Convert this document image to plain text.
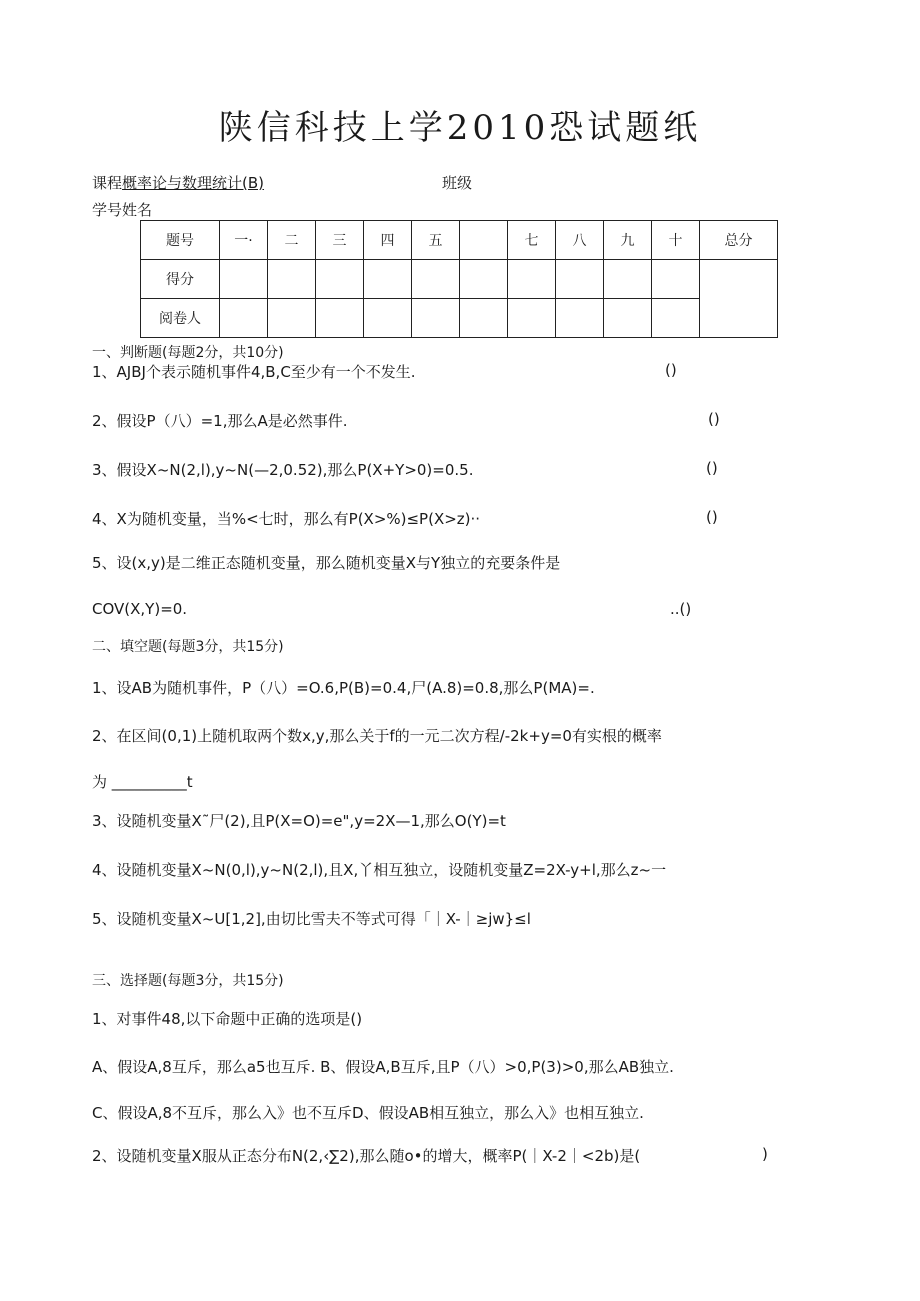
陕信科技上学2010恐试题纸
课程概率论与数理统计(B)	班级
学号姓名
题号	一·	二	三	四	五		七	八	九	十	总分
得分											
阅卷人											
一、判断题(每题2分，共10分)
1、AJBJ个表示随机事件4,B,C至少有一个不发生.	()
2、假设P（八）=1,那么A是必然事件.	()
3、假设X~N(2,l),y~N(—2,0.52),那么P(X+Y>0)=0.5.	()
4、X为随机变量，当%<七时，那么有P(X>%)≤P(X>z)··	()
5、设(x,y)是二维正态随机变量，那么随机变量X与Y独立的充要条件是
COV(X,Y)=0.	..()
二、填空题(每题3分，共15分)
1、设AB为随机事件，P（八）=O.6,P(B)=0.4,尸(A.8)=0.8,那么P(MA)=.
2、在区间(0,1)上随机取两个数x,y,那么关于f的一元二次方程/-2k+y=0有实根的概率
为 __________t
3、设随机变量X˜尸(2),且P(X=O)=e",y=2X—1,那么O(Y)=t
4、设随机变量X~N(0,l),y~N(2,l),且X,丫相互独立，设随机变量Z=2X-y+l,那么z~一
5、设随机变量X~U[1,2],由切比雪夫不等式可得「｜X-｜≥jw}≤l
三、选择题(每题3分，共15分)
1、对事件48,以下命题中正确的选项是()
A、假设A,8互斥，那么a5也互斥. B、假设A,B互斥,且P（八）>0,P(3)>0,那么AB独立.
C、假设A,8不互斥，那么入》也不互斥D、假设AB相互独立，那么入》也相互独立.
2、设随机变量X服从正态分布N(2,‹∑2),那么随o•的增大，概率P(｜X-2｜<2b)是(	)
